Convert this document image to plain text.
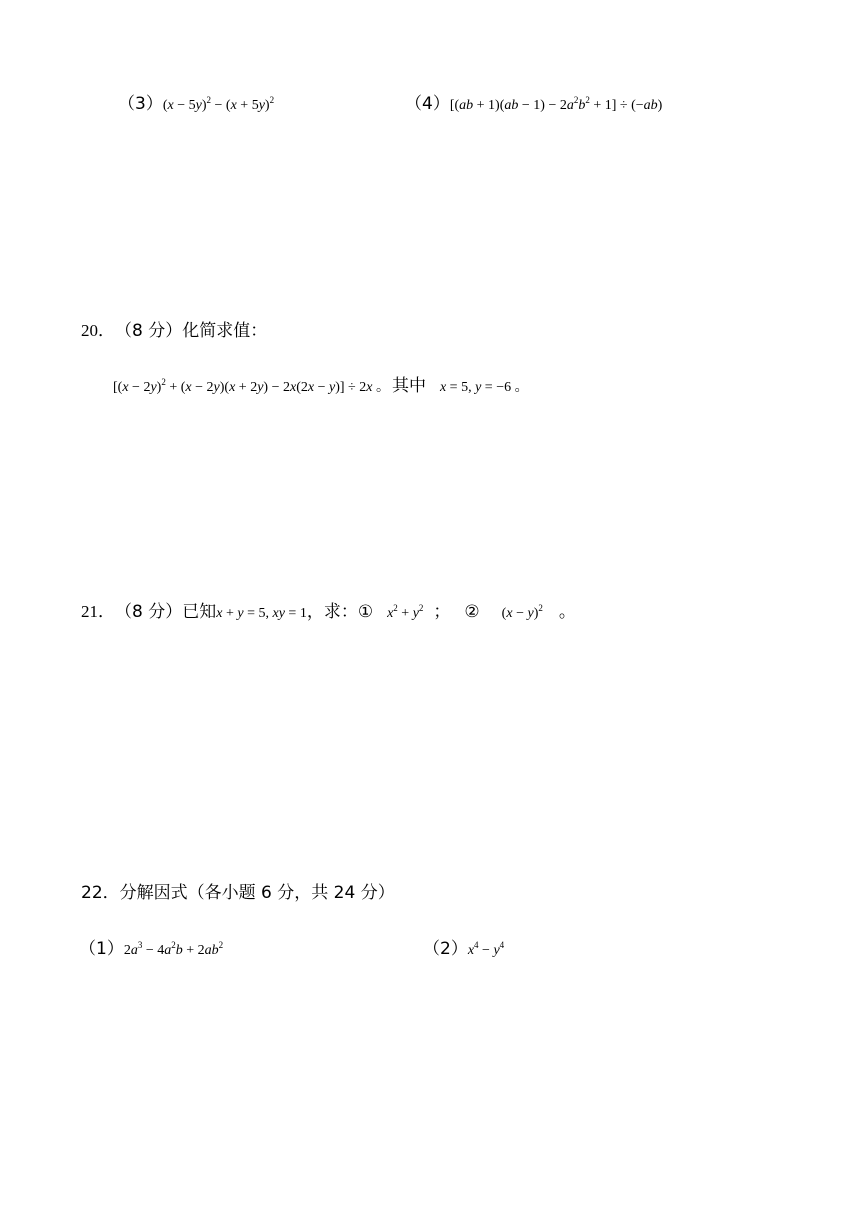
（3） $(x - 5y)^2 - (x + 5y)^2$	（4） $[(ab + 1)(ab - 1) - 2a^2b^2 + 1] \div (-ab)$
20． （8 分） 化简求值：
$[(x - 2y)^2 + (x - 2y)(x + 2y) - 2x(2x - y)] \div 2x$ 。 其中 x = 5, y = −6 。
21． （8 分） 已知 x + y = 5, xy = 1 ，求： ① $x^2 + y^2$ ； ② $(x - y)^2$ 。
22．分解因式（各小题 6 分，共 24 分）
（1） $2a^3 - 4a^2b + 2ab^2$	（2） $x^4 - y^4$
